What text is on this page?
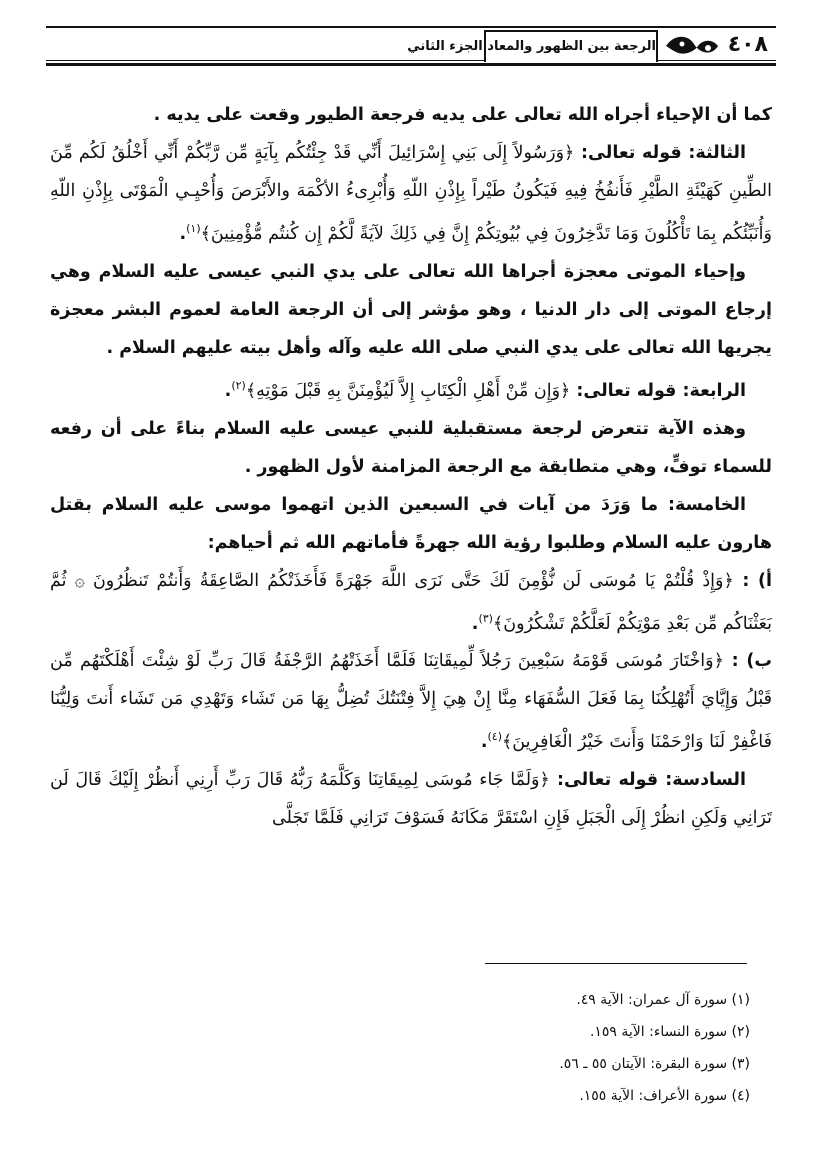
٤٠٨
الرجعة بين الظهور والمعاد الجزء الثاني

كما أن الإحياء أجراه الله تعالى على يديه فرجعة الطيور وقعت على يديه .

الثالثة: قوله تعالى: ﴿وَرَسُولاً إِلَى بَنِي إِسْرَائِيلَ أَنِّي قَدْ جِئْتُكُم بِآيَةٍ مِّن رَّبِّكُمْ أَنِّي أَخْلُقُ لَكُم مِّنَ الطِّينِ كَهَيْئَةِ الطَّيْرِ فَأَنفُخُ فِيهِ فَيَكُونُ طَيْراً بِإِذْنِ اللّهِ وَأُبْرِىءُ الأكْمَهَ والأَبْرَصَ وَأُحْيِـي الْمَوْتَى بِإِذْنِ اللّهِ وَأُنَبِّئُكُم بِمَا تَأْكُلُونَ وَمَا تَدَّخِرُونَ فِي بُيُوتِكُمْ إِنَّ فِي ذَلِكَ لآيَةً لَّكُمْ إِن كُنتُم مُّؤْمِنِينَ﴾$^{(١)}$.

وإحياء الموتى معجزة أجراها الله تعالى على يدي النبي عيسى عليه السلام وهي إرجاع الموتى إلى دار الدنيا ، وهو مؤشر إلى أن الرجعة العامة لعموم البشر معجزة يجريها الله تعالى على يدي النبي صلى الله عليه وآله وأهل بيته عليهم السلام .

الرابعة: قوله تعالى: ﴿وَإِن مِّنْ أَهْلِ الْكِتَابِ إِلاَّ لَيُؤْمِنَنَّ بِهِ قَبْلَ مَوْتِهِ﴾$^{(٢)}$.

وهذه الآية تتعرض لرجعة مستقبلية للنبي عيسى عليه السلام بناءً على أن رفعه للسماء توفٍّ، وهي متطابقة مع الرجعة المزامنة لأول الظهور .

الخامسة: ما وَرَدَ من آيات في السبعين الذين اتهموا موسى عليه السلام بقتل هارون عليه السلام وطلبوا رؤية الله جهرةً فأماتهم الله ثم أحياهم:

أ) : ﴿وَإِذْ قُلْتُمْ يَا مُوسَى لَن نُّؤْمِنَ لَكَ حَتَّى نَرَى اللَّهَ جَهْرَةً فَأَخَذَتْكُمُ الصَّاعِقَةُ وَأَنتُمْ تَنظُرُونَ ۞ ثُمَّ بَعَثْنَاكُم مِّن بَعْدِ مَوْتِكُمْ لَعَلَّكُمْ تَشْكُرُونَ﴾$^{(٣)}$.

ب) : ﴿وَاخْتَارَ مُوسَى قَوْمَهُ سَبْعِينَ رَجُلاً لِّمِيقَاتِنَا فَلَمَّا أَخَذَتْهُمُ الرَّجْفَةُ قَالَ رَبِّ لَوْ شِئْتَ أَهْلَكْتَهُم مِّن قَبْلُ وَإِيَّايَ أَتُهْلِكُنَا بِمَا فَعَلَ السُّفَهَاء مِنَّا إِنْ هِيَ إِلاَّ فِتْنَتُكَ تُضِلُّ بِهَا مَن تَشَاء وَتَهْدِي مَن تَشَاء أَنتَ وَلِيُّنَا فَاغْفِرْ لَنَا وَارْحَمْنَا وَأَنتَ خَيْرُ الْغَافِرِينَ﴾$^{(٤)}$.

السادسة: قوله تعالى: ﴿وَلَمَّا جَاء مُوسَى لِمِيقَاتِنَا وَكَلَّمَهُ رَبُّهُ قَالَ رَبِّ أَرِنِي أَنظُرْ إِلَيْكَ قَالَ لَن تَرَانِي وَلَكِنِ انظُرْ إِلَى الْجَبَلِ فَإِنِ اسْتَقَرَّ مَكَانَهُ فَسَوْفَ تَرَانِي فَلَمَّا تَجَلَّى

(١) سورة آل عمران: الآية ٤٩.

(٢) سورة النساء: الآية ١٥٩.

(٣) سورة البقرة: الآيتان ٥٥ ـ ٥٦.

(٤) سورة الأعراف: الآية ١٥٥.
